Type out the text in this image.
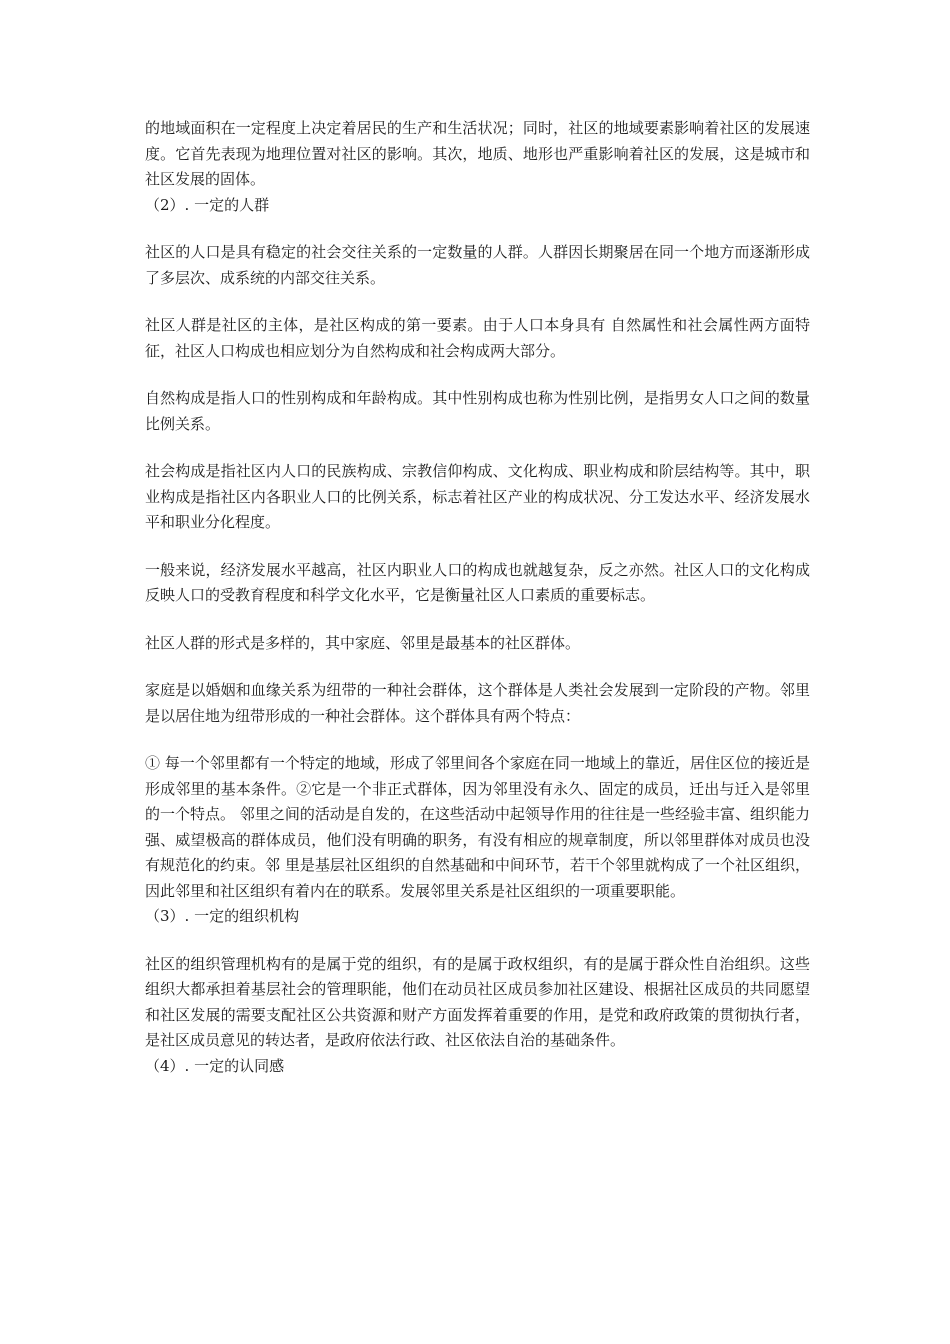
的地域面积在一定程度上决定着居民的生产和生活状况；同时，社区的地域要素影响着社区的发展速度。它首先表现为地理位置对社区的影响。其次，地质、地形也严重影响着社区的发展，这是城市和社区发展的固体。

（2）. 一定的人群

社区的人口是具有稳定的社会交往关系的一定数量的人群。人群因长期聚居在同一个地方而逐渐形成了多层次、成系统的内部交往关系。

社区人群是社区的主体，是社区构成的第一要素。由于人口本身具有 自然属性和社会属性两方面特征，社区人口构成也相应划分为自然构成和社会构成两大部分。

自然构成是指人口的性别构成和年龄构成。其中性别构成也称为性别比例，是指男女人口之间的数量比例关系。

社会构成是指社区内人口的民族构成、宗教信仰构成、文化构成、职业构成和阶层结构等。其中，职业构成是指社区内各职业人口的比例关系，标志着社区产业的构成状况、分工发达水平、经济发展水平和职业分化程度。

一般来说，经济发展水平越高，社区内职业人口的构成也就越复杂，反之亦然。社区人口的文化构成反映人口的受教育程度和科学文化水平，它是衡量社区人口素质的重要标志。

社区人群的形式是多样的，其中家庭、邻里是最基本的社区群体。

家庭是以婚姻和血缘关系为纽带的一种社会群体，这个群体是人类社会发展到一定阶段的产物。邻里是以居住地为纽带形成的一种社会群体。这个群体具有两个特点：

① 每一个邻里都有一个特定的地域，形成了邻里间各个家庭在同一地域上的靠近，居住区位的接近是形成邻里的基本条件。②它是一个非正式群体，因为邻里没有永久、固定的成员，迁出与迁入是邻里的一个特点。 邻里之间的活动是自发的，在这些活动中起领导作用的往往是一些经验丰富、组织能力强、威望极高的群体成员，他们没有明确的职务，有没有相应的规章制度，所以邻里群体对成员也没有规范化的约束。邻 里是基层社区组织的自然基础和中间环节，若干个邻里就构成了一个社区组织，因此邻里和社区组织有着内在的联系。发展邻里关系是社区组织的一项重要职能。

（3）. 一定的组织机构

社区的组织管理机构有的是属于党的组织，有的是属于政权组织，有的是属于群众性自治组织。这些组织大都承担着基层社会的管理职能，他们在动员社区成员参加社区建设、根据社区成员的共同愿望和社区发展的需要支配社区公共资源和财产方面发挥着重要的作用，是党和政府政策的贯彻执行者，是社区成员意见的转达者，是政府依法行政、社区依法自治的基础条件。

（4）. 一定的认同感
